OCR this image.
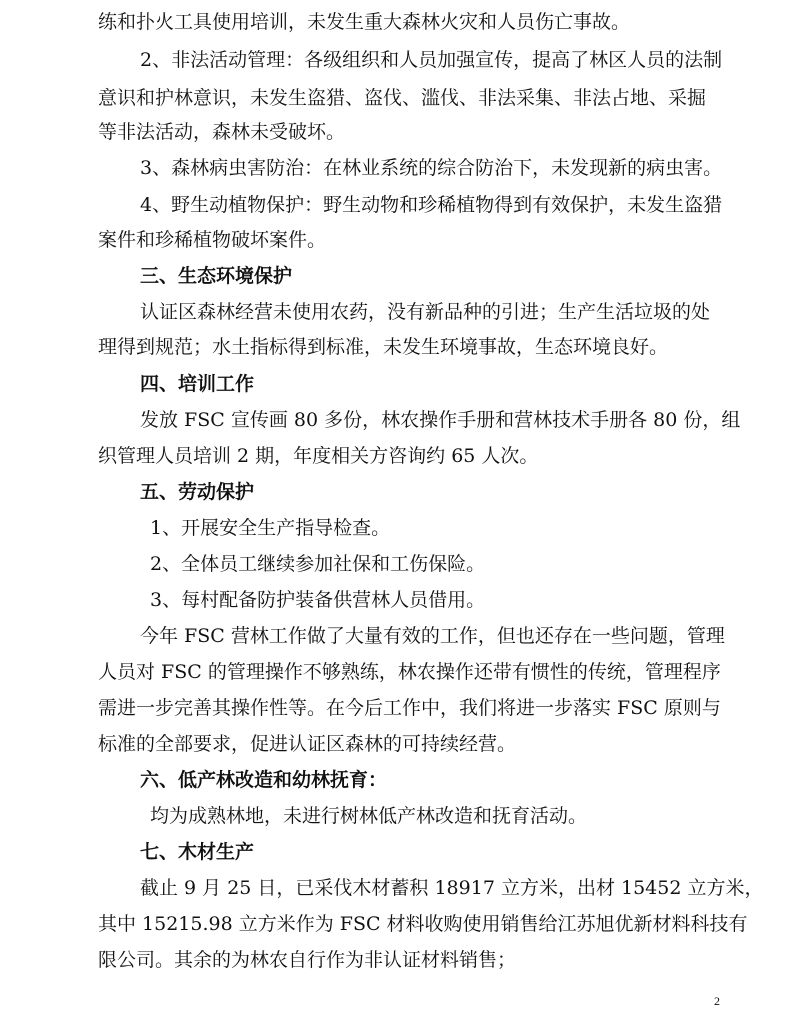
练和扑火工具使用培训，未发生重大森林火灾和人员伤亡事故。
2、非法活动管理：各级组织和人员加强宣传，提高了林区人员的法制
意识和护林意识，未发生盗猎、盗伐、滥伐、非法采集、非法占地、采掘
等非法活动，森林未受破坏。
3、森林病虫害防治：在林业系统的综合防治下，未发现新的病虫害。
4、野生动植物保护：野生动物和珍稀植物得到有效保护，未发生盗猎
案件和珍稀植物破坏案件。
三、生态环境保护
认证区森林经营未使用农药，没有新品种的引进；生产生活垃圾的处
理得到规范；水土指标得到标准，未发生环境事故，生态环境良好。
四、培训工作
发放 FSC 宣传画 80 多份，林农操作手册和营林技术手册各 80 份，组
织管理人员培训 2 期，年度相关方咨询约 65 人次。
五、劳动保护
1、开展安全生产指导检查。
2、全体员工继续参加社保和工伤保险。
3、每村配备防护装备供营林人员借用。
今年 FSC 营林工作做了大量有效的工作，但也还存在一些问题，管理
人员对 FSC 的管理操作不够熟练，林农操作还带有惯性的传统，管理程序
需进一步完善其操作性等。在今后工作中，我们将进一步落实 FSC 原则与
标准的全部要求，促进认证区森林的可持续经营。
六、低产林改造和幼林抚育：
均为成熟林地，未进行树林低产林改造和抚育活动。
七、木材生产
截止 9 月 25 日，已采伐木材蓄积 18917 立方米，出材 15452 立方米，
其中 15215.98 立方米作为 FSC 材料收购使用销售给江苏旭优新材料科技有
限公司。其余的为林农自行作为非认证材料销售；
2
